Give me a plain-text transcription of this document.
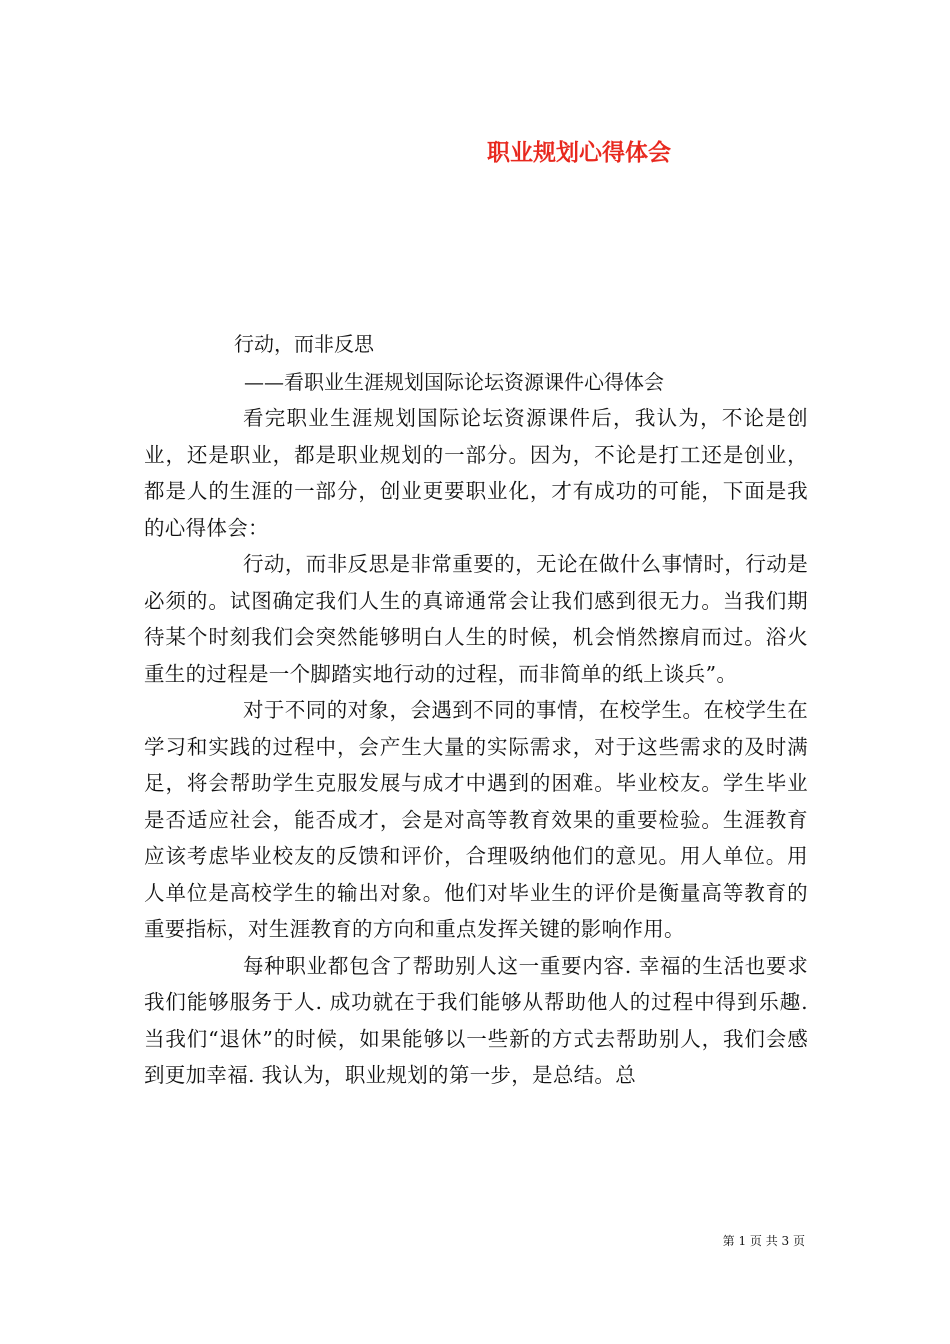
职业规划心得体会
行动，而非反思
——看职业生涯规划国际论坛资源课件心得体会

看完职业生涯规划国际论坛资源课件后，我认为，不论是创业，还是职业，都是职业规划的一部分。因为，不论是打工还是创业，都是人的生涯的一部分，创业更要职业化，才有成功的可能，下面是我的心得体会：

行动，而非反思是非常重要的，无论在做什么事情时，行动是必须的。试图确定我们人生的真谛通常会让我们感到很无力。当我们期待某个时刻我们会突然能够明白人生的时候，机会悄然擦肩而过。浴火重生的过程是一个脚踏实地行动的过程，而非简单的纸上谈兵”。

对于不同的对象，会遇到不同的事情，在校学生。在校学生在学习和实践的过程中，会产生大量的实际需求，对于这些需求的及时满足，将会帮助学生克服发展与成才中遇到的困难。毕业校友。学生毕业是否适应社会，能否成才，会是对高等教育效果的重要检验。生涯教育应该考虑毕业校友的反馈和评价，合理吸纳他们的意见。用人单位。用人单位是高校学生的输出对象。他们对毕业生的评价是衡量高等教育的重要指标，对生涯教育的方向和重点发挥关键的影响作用。

每种职业都包含了帮助别人这一重要内容. 幸福的生活也要求我们能够服务于人. 成功就在于我们能够从帮助他人的过程中得到乐趣. 当我们“退休”的时候，如果能够以一些新的方式去帮助别人，我们会感到更加幸福. 我认为，职业规划的第一步，是总结。总

第 1 页 共 3 页
